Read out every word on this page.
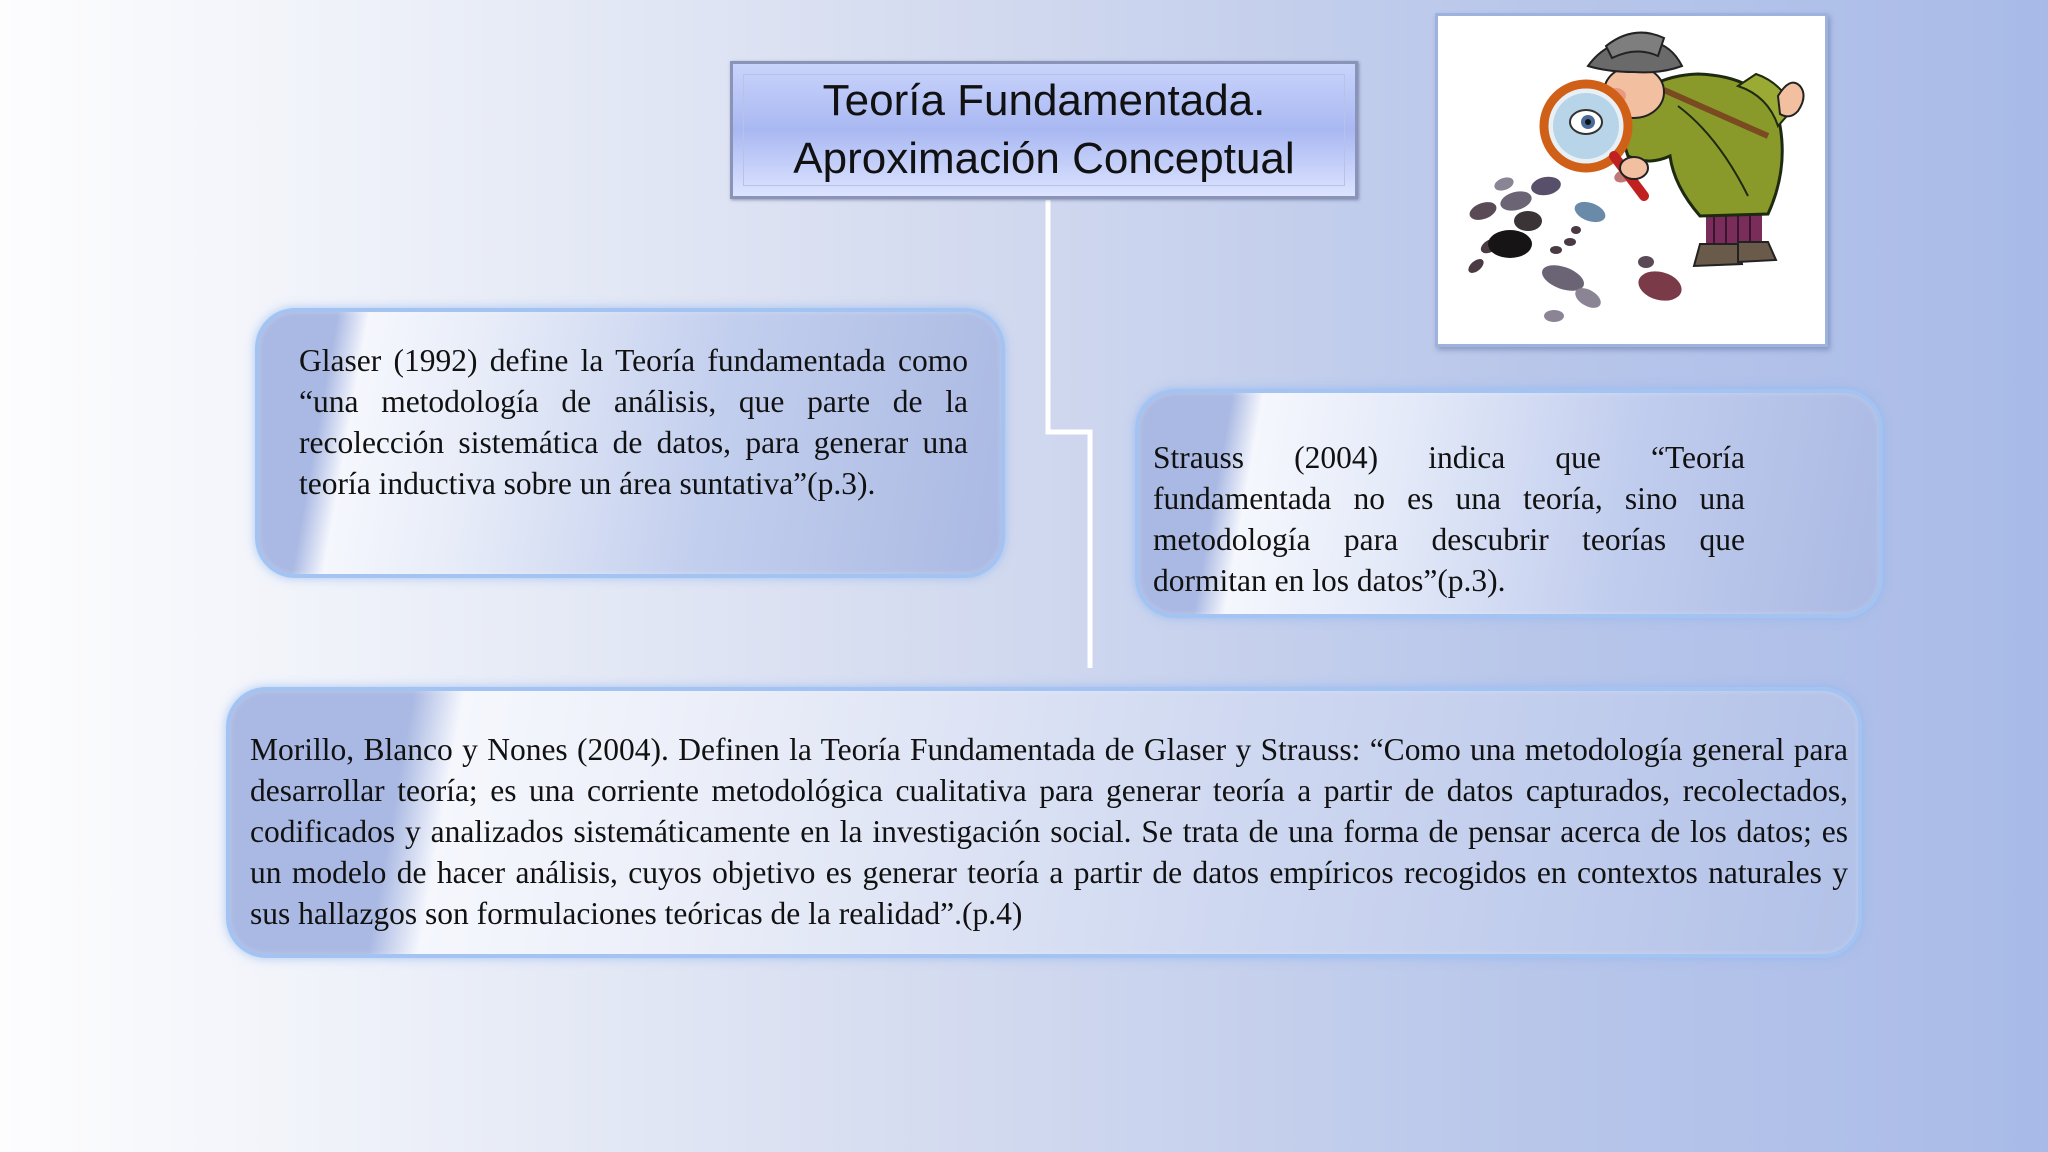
Teoría Fundamentada.
Aproximación Conceptual
Glaser (1992) define la Teoría fundamentada como “una metodología de análisis, que parte de la recolección sistemática de datos, para generar una teoría inductiva sobre un área suntativa”(p.3).
Strauss (2004) indica que “Teoría fundamentada no es una teoría, sino una metodología para descubrir teorías que dormitan en los datos”(p.3).
Morillo, Blanco y Nones (2004). Definen la Teoría Fundamentada de Glaser y Strauss: “Como una metodología general para desarrollar teoría; es una corriente metodológica cualitativa para generar teoría a partir de datos capturados, recolectados, codificados y analizados sistemáticamente en la investigación social. Se trata de una forma de pensar acerca de los datos; es un modelo de hacer análisis, cuyos objetivo es generar teoría a partir de datos empíricos recogidos en contextos naturales y sus hallazgos son formulaciones teóricas de la realidad”.(p.4)
